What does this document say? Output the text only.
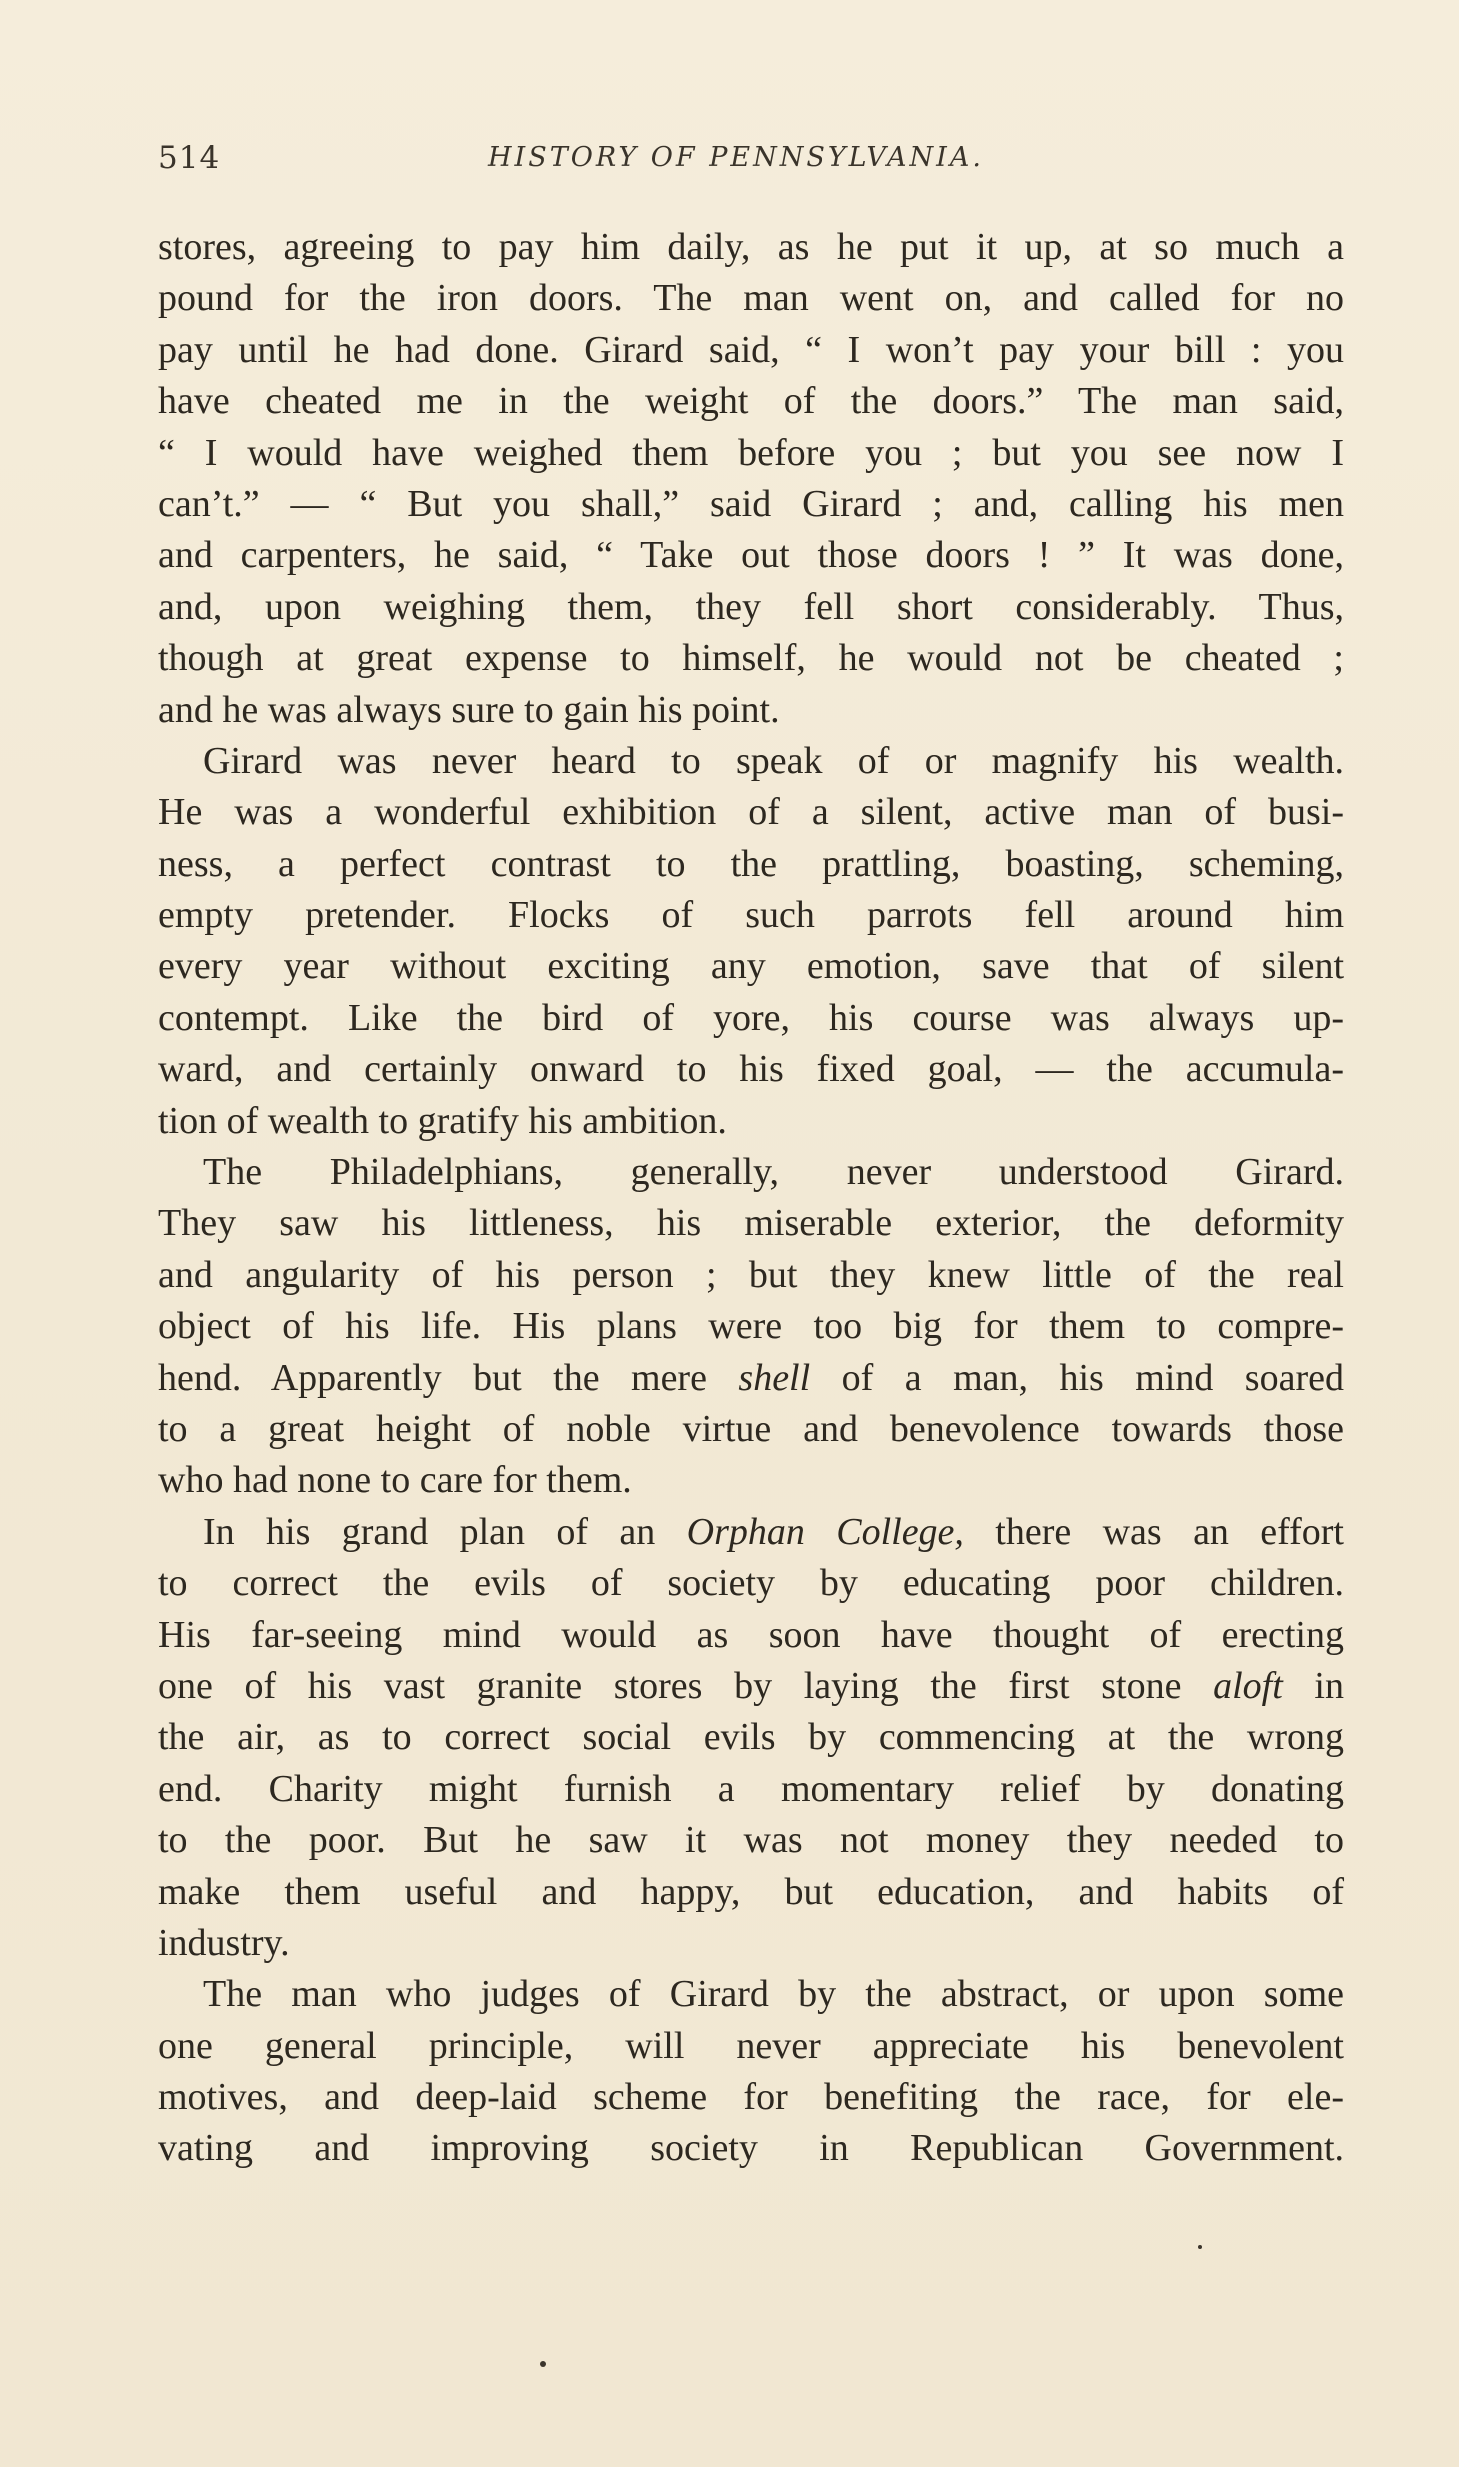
514	HISTORY OF PENNSYLVANIA.
stores, agreeing to pay him daily, as he put it up, at so much a
pound for the iron doors. The man went on, and called for no
pay until he had done. Girard said, “ I won’t pay your bill : you
have cheated me in the weight of the doors.” The man said,
“ I would have weighed them before you ; but you see now I
can’t.” — “ But you shall,” said Girard ; and, calling his men
and carpenters, he said, “ Take out those doors ! ” It was done,
and, upon weighing them, they fell short considerably. Thus,
though at great expense to himself, he would not be cheated ;
and he was always sure to gain his point.
Girard was never heard to speak of or magnify his wealth.
He was a wonderful exhibition of a silent, active man of busi-
ness, a perfect contrast to the prattling, boasting, scheming,
empty pretender. Flocks of such parrots fell around him
every year without exciting any emotion, save that of silent
contempt. Like the bird of yore, his course was always up-
ward, and certainly onward to his fixed goal, — the accumula-
tion of wealth to gratify his ambition.
The Philadelphians, generally, never understood Girard.
They saw his littleness, his miserable exterior, the deformity
and angularity of his person ; but they knew little of the real
object of his life. His plans were too big for them to compre-
hend. Apparently but the mere shell of a man, his mind soared
to a great height of noble virtue and benevolence towards those
who had none to care for them.
In his grand plan of an Orphan College, there was an effort
to correct the evils of society by educating poor children.
His far-seeing mind would as soon have thought of erecting
one of his vast granite stores by laying the first stone aloft in
the air, as to correct social evils by commencing at the wrong
end. Charity might furnish a momentary relief by donating
to the poor. But he saw it was not money they needed to
make them useful and happy, but education, and habits of
industry.
The man who judges of Girard by the abstract, or upon some
one general principle, will never appreciate his benevolent
motives, and deep-laid scheme for benefiting the race, for ele-
vating and improving society in Republican Government.
